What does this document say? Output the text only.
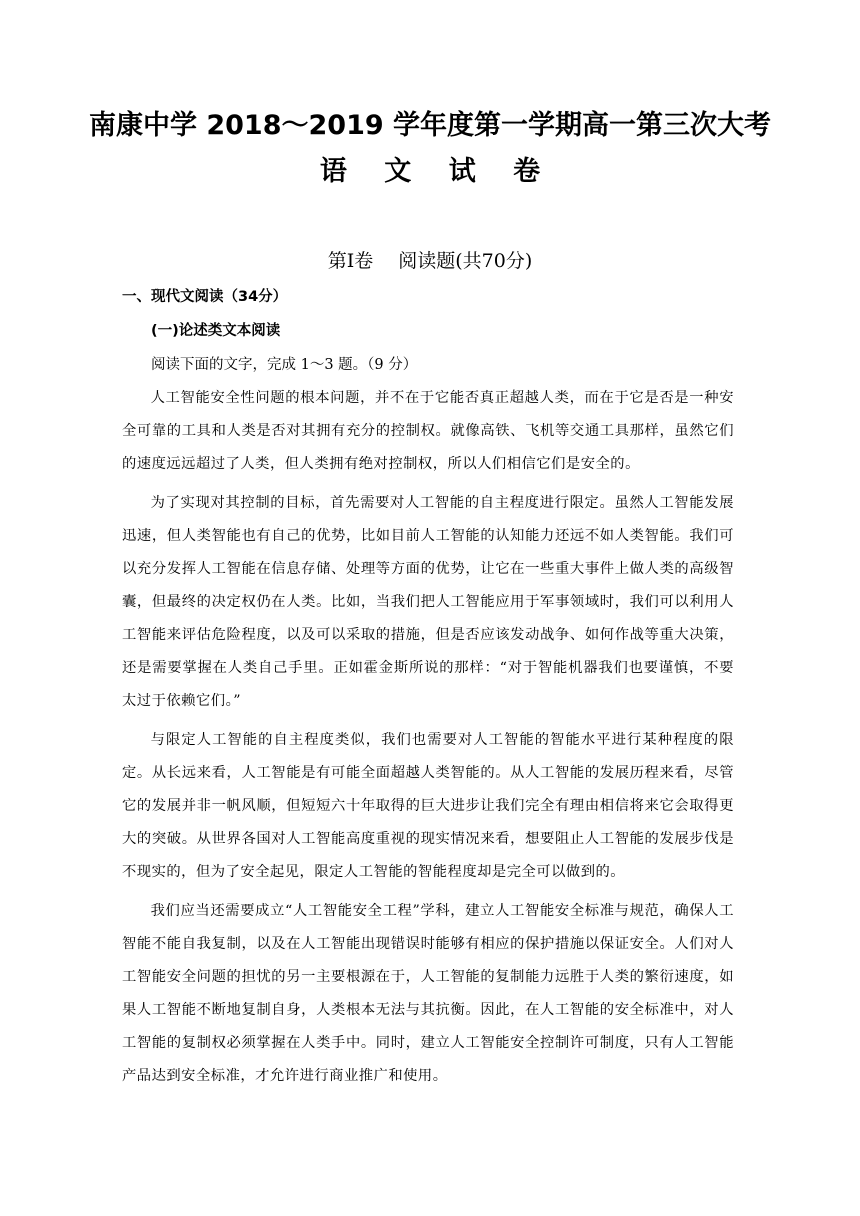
南康中学 2018～2019 学年度第一学期高一第三次大考
语 文 试 卷
第Ⅰ卷　 阅读题(共70分)
一、现代文阅读（34分）
(一)论述类文本阅读
阅读下面的文字，完成 1～3 题。（9 分）

人工智能安全性问题的根本问题，并不在于它能否真正超越人类，而在于它是否是一种安全可靠的工具和人类是否对其拥有充分的控制权。就像高铁、飞机等交通工具那样，虽然它们的速度远远超过了人类，但人类拥有绝对控制权，所以人们相信它们是安全的。

为了实现对其控制的目标，首先需要对人工智能的自主程度进行限定。虽然人工智能发展迅速，但人类智能也有自己的优势，比如目前人工智能的认知能力还远不如人类智能。我们可以充分发挥人工智能在信息存储、处理等方面的优势，让它在一些重大事件上做人类的高级智囊，但最终的决定权仍在人类。比如，当我们把人工智能应用于军事领域时，我们可以利用人工智能来评估危险程度，以及可以采取的措施，但是否应该发动战争、如何作战等重大决策，还是需要掌握在人类自己手里。正如霍金斯所说的那样：“对于智能机器我们也要谨慎，不要太过于依赖它们。”

与限定人工智能的自主程度类似，我们也需要对人工智能的智能水平进行某种程度的限定。从长远来看，人工智能是有可能全面超越人类智能的。从人工智能的发展历程来看，尽管它的发展并非一帆风顺，但短短六十年取得的巨大进步让我们完全有理由相信将来它会取得更大的突破。从世界各国对人工智能高度重视的现实情况来看，想要阻止人工智能的发展步伐是不现实的，但为了安全起见，限定人工智能的智能程度却是完全可以做到的。

我们应当还需要成立“人工智能安全工程”学科，建立人工智能安全标准与规范，确保人工智能不能自我复制，以及在人工智能出现错误时能够有相应的保护措施以保证安全。人们对人工智能安全问题的担忧的另一主要根源在于，人工智能的复制能力远胜于人类的繁衍速度，如果人工智能不断地复制自身，人类根本无法与其抗衡。因此，在人工智能的安全标准中，对人工智能的复制权必须掌握在人类手中。同时，建立人工智能安全控制许可制度，只有人工智能产品达到安全标准，才允许进行商业推广和使用。
